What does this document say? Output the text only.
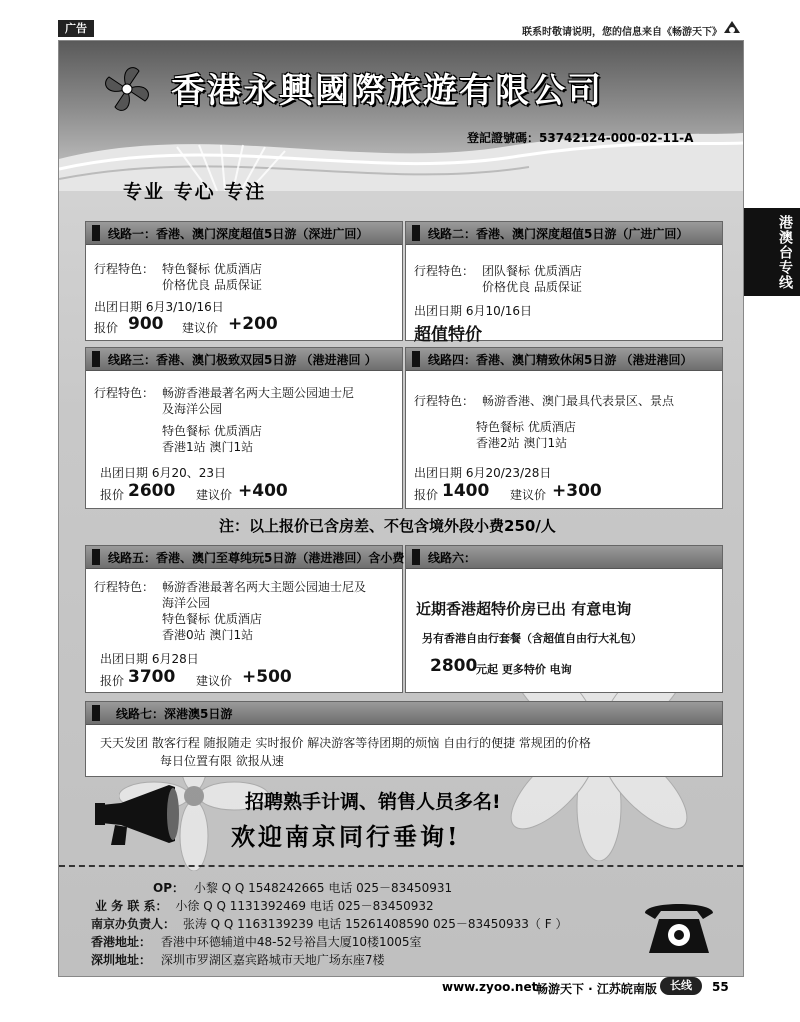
广告	联系时敬请说明，您的信息来自《畅游天下》
港澳台专线
香港永興國際旅遊有限公司
登記證號碼：53742124-000-02-11-A
专业 专心 专注
线路一：香港、澳门深度超值5日游（深进广回）
行程特色： 特色餐标 优质酒店
价格优良 品质保证
出团日期 6月3/10/16日
报价 900 建议价 +200
线路二：香港、澳门深度超值5日游（广进广回）
行程特色： 团队餐标 优质酒店
价格优良 品质保证
出团日期 6月10/16日
超值特价
线路三：香港、澳门极致双园5日游 （港进港回 ）
行程特色： 畅游香港最著名两大主题公园迪士尼
及海洋公园
特色餐标 优质酒店
香港1站 澳门1站
出团日期 6月20、23日
报价 2600 建议价 +400
线路四：香港、澳门精致休闲5日游 （港进港回）
行程特色： 畅游香港、澳门最具代表景区、景点
特色餐标 优质酒店
香港2站 澳门1站
出团日期 6月20/23/28日
报价 1400 建议价 +300
注：以上报价已含房差、不包含境外段小费250/人
线路五：香港、澳门至尊纯玩5日游（港进港回）含小费
行程特色： 畅游香港最著名两大主题公园迪士尼及
海洋公园
特色餐标 优质酒店
香港0站 澳门1站
出团日期 6月28日
报价 3700 建议价 +500
线路六：
近期香港超特价房已出 有意电询
另有香港自由行套餐（含超值自由行大礼包）
2800
元起 更多特价 电询
线路七：深港澳5日游
天天发团 散客行程 随报随走 实时报价 解决游客等待团期的烦恼 自由行的便捷 常规团的价格
每日位置有限 欲报从速
招聘熟手计调、销售人员多名!
欢迎南京同行垂询!
OP： 小黎 Q Q 1548242665 电话 025－83450931
业 务 联 系： 小徐 Q Q 1131392469 电话 025－83450932
南京办负责人： 张涛 Q Q 1163139239 电话 15261408590 025－83450933（ F ）
香港地址： 香港中环德辅道中48-52号裕昌大厦10楼1005室
深圳地址： 深圳市罗湖区嘉宾路城市天地广场东座7楼
www.zyoo.net
畅游天下 · 江苏皖南版	长线	55
